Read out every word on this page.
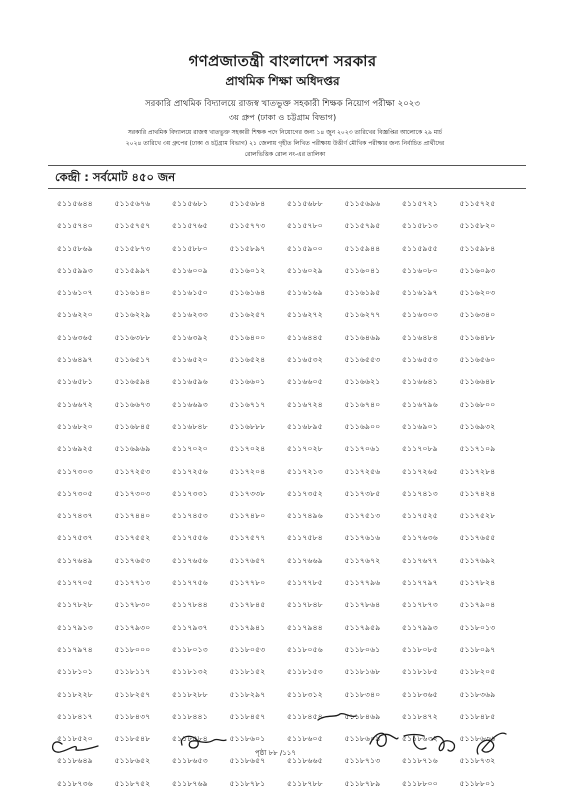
গণপ্রজাতন্ত্রী বাংলাদেশ সরকার
প্রাথমিক শিক্ষা অধিদপ্তর
সরকারি প্রাথমিক বিদ্যালয়ে রাজস্ব খাতভুক্ত সহকারী শিক্ষক নিয়োগ পরীক্ষা ২০২৩
৩য় গ্রুপ (ঢাকা ও চট্টগ্রাম বিভাগ)
সরকারি প্রাথমিক বিদ্যালয়ে রাজস্ব খাতভুক্ত সহকারী শিক্ষক পদে নিয়োগের জন্য ১৪ জুন ২০২৩ তারিখের বিজ্ঞপ্তির আলোকে ২৯ মার্চ
২০২৪ তারিখে ৩য় গ্রুপের (ঢাকা ও চট্টগ্রাম বিভাগ) ২১ জেলায় গৃহীত লিখিত পরীক্ষায় উত্তীর্ণ মৌখিক পরীক্ষার জন্য নির্বাচিত প্রার্থীদের
রোলভিত্তিক রোল নং-এর তালিকা
কেন্দ্রী : সর্বমোট ৪৫০ জন
৫১১৫৬৪৪	৫১১৫৬৭৬	৫১১৫৬৮১	৫১১৫৬৮৪	৫১১৫৬৮৮	৫১১৫৬৯৬	৫১১৫৭২১	৫১১৫৭২৫
৫১১৫৭৪০	৫১১৫৭৫৭	৫১১৫৭৬৫	৫১১৫৭৭৩	৫১১৫৭৮০	৫১১৫৭৯৫	৫১১৫৮১৩	৫১১৫৮২০
৫১১৫৮৬৯	৫১১৫৮৭৩	৫১১৫৮৮০	৫১১৫৮৯৭	৫১১৫৯০০	৫১১৫৯৪৪	৫১১৫৯৫৫	৫১১৫৯৮৪
৫১১৫৯৯৩	৫১১৫৯৯৭	৫১১৬০০৯	৫১১৬০১২	৫১১৬০২৯	৫১১৬০৪১	৫১১৬০৮০	৫১১৬০৯৩
৫১১৬১০৭	৫১১৬১৪০	৫১১৬১৫০	৫১১৬১৬৪	৫১১৬১৬৯	৫১১৬১৯৫	৫১১৬১৯৭	৫১১৬২০৩
৫১১৬২২০	৫১১৬২২৯	৫১১৬২৩৩	৫১১৬২৫৭	৫১১৬২৭২	৫১১৬২৭৭	৫১১৬৩০৩	৫১১৬৩৪০
৫১১৬৩৬৫	৫১১৬৩৮৮	৫১১৬৩৯২	৫১১৬৪০০	৫১১৬৪৪৫	৫১১৬৪৬৯	৫১১৬৪৮৪	৫১১৬৪৮৮
৫১১৬৪৯৭	৫১১৬৫১৭	৫১১৬৫২০	৫১১৬৫২৪	৫১১৬৫৩২	৫১১৬৫৫৩	৫১১৬৫৫৩	৫১১৬৫৬০
৫১১৬৫৮১	৫১১৬৫৯৪	৫১১৬৫৯৬	৫১১৬৬০১	৫১১৬৬০৫	৫১১৬৬২১	৫১১৬৬৪১	৫১১৬৬৪৮
৫১১৬৬৭২	৫১১৬৬৭৩	৫১১৬৬৯৩	৫১১৬৭১৭	৫১১৬৭২৪	৫১১৬৭৪০	৫১১৬৭৯৬	৫১১৬৮০০
৫১১৬৮২০	৫১১৬৮৪৫	৫১১৬৮৪৮	৫১১৬৮৮৮	৫১১৬৮৯৫	৫১১৬৯০০	৫১১৬৯০১	৫১১৬৯৩২
৫১১৬৯২৫	৫১১৬৯৬৯	৫১১৭০২০	৫১১৭০২৪	৫১১৭০২৮	৫১১৭০৬১	৫১১৭০৮৯	৫১১৭১০৯
৫১১৭৩০৩	৫১১৭২৫৩	৫১১৭২৫৬	৫১১৭২০৪	৫১১৭২১৩	৫১১৭২৫৬	৫১১৭২৬৫	৫১১৭২৮৪
৫১১৭৩০৫	৫১১৭৩০৩	৫১১৭৩৩১	৫১১৭৩৩৮	৫১১৭৩৫২	৫১১৭৩৮৫	৫১১৭৪১৩	৫১১৭৪২৪
৫১১৭৪৩৭	৫১১৭৪৪০	৫১১৭৪৫৩	৫১১৭৪৮০	৫১১৭৪৯৬	৫১১৭৫১৩	৫১১৭৫২৫	৫১১৭৫২৮
৫১১৭৫৩৭	৫১১৭৫৫২	৫১১৭৫৫৬	৫১১৭৫৭৭	৫১১৭৫৮৪	৫১১৭৬১৬	৫১১৭৬৩৬	৫১১৭৬৫৫
৫১১৭৬৪৯	৫১১৭৬৫৩	৫১১৭৬৫৬	৫১১৭৬৫৭	৫১১৭৬৬৯	৫১১৭৬৭২	৫১১৭৬৭৭	৫১১৭৬৯২
৫১১৭৭০৫	৫১১৭৭১৩	৫১১৭৭৫৬	৫১১৭৭৮০	৫১১৭৭৮৫	৫১১৭৭৯৬	৫১১৭৭৯৭	৫১১৭৮২৪
৫১১৭৮২৮	৫১১৭৮৩০	৫১১৭৮৪৪	৫১১৭৮৪৫	৫১১৭৮৪৮	৫১১৭৮৬৪	৫১১৭৮৭৩	৫১১৭৯০৪
৫১১৭৯১৩	৫১১৭৯৩০	৫১১৭৯৩৭	৫১১৭৯৪১	৫১১৭৯৪৪	৫১১৭৯৫৯	৫১১৭৯৯৩	৫১১৮০১৩
৫১১৭৯৭৪	৫১১৮০০০	৫১১৮০১৩	৫১১৮০৫৩	৫১১৮০৫৬	৫১১৮০৬১	৫১১৮০৮৫	৫১১৮০৯৭
৫১১৮১০১	৫১১৮১১৭	৫১১৮১৩২	৫১১৮১৫২	৫১১৮১৫৩	৫১১৮১৬৮	৫১১৮১৮৫	৫১১৮২০৫
৫১১৮২২৮	৫১১৮২৫৭	৫১১৮২৮৮	৫১১৮২৯৭	৫১১৮৩১২	৫১১৮৩৪০	৫১১৮৩৬৫	৫১১৮৩৬৯
৫১১৮৪১৭	৫১১৮৪৩৭	৫১১৮৪৪১	৫১১৮৪৫৭	৫১১৮৪৫৪	৫১১৮৪৬৯	৫১১৮৪৭২	৫১১৮৪৮৫
৫১১৮৫২০	৫১১৮৫৪৮	৫১১৮৫৮৪	৫১১৮৬০১	৫১১৮৬০৫	৫১১৮৬০৯	৫১১৮৬৩২	৫১১৮৬৩৬
৫১১৮৬৪৯	৫১১৮৬৫২	৫১১৮৬৫৩	৫১১৮৬৫৭	৫১১৮৬৬৫	৫১১৮৭১৩	৫১১৮৭১৬	৫১১৮৭৩২
৫১১৮৭৩৬	৫১১৮৭৫২	৫১১৮৭৬৯	৫১১৮৭৮১	৫১১৮৭৮৮	৫১১৮৭৮৯	৫১১৮৮০০	৫১১৮৮০১
পৃষ্ঠা ৮৮ /১১৭
